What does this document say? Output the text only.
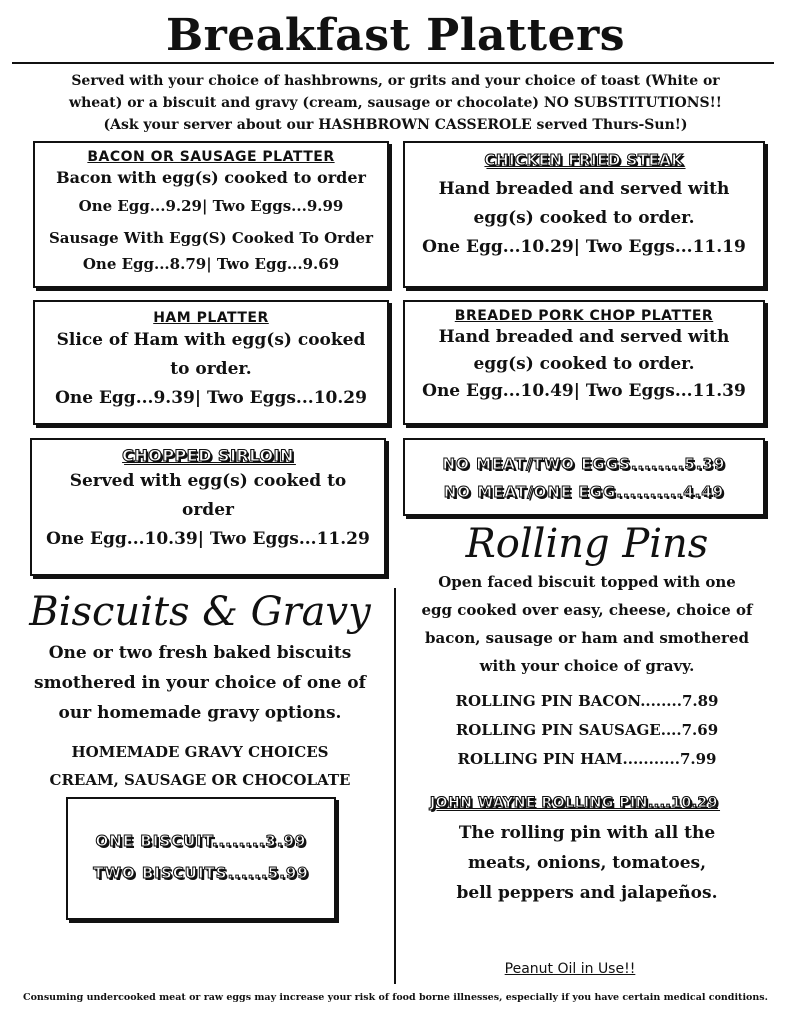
Breakfast Platters
Served with your choice of hashbrowns, or grits and your choice of toast (White or
wheat) or a biscuit and gravy (cream, sausage or chocolate) NO SUBSTITUTIONS!!
(Ask your server about our HASHBROWN CASSEROLE served Thurs-Sun!)
BACON OR SAUSAGE PLATTER
Bacon with egg(s) cooked to order
One Egg...9.29| Two Eggs...9.99
Sausage With Egg(S) Cooked To Order
One Egg...8.79| Two Egg...9.69
CHICKEN FRIED STEAK
Hand breaded and served with
egg(s) cooked to order.
One Egg...10.29| Two Eggs...11.19
HAM PLATTER
Slice of Ham with egg(s) cooked
to order.
One Egg...9.39| Two Eggs...10.29
BREADED PORK CHOP PLATTER
Hand breaded and served with
egg(s) cooked to order.
One Egg...10.49| Two Eggs...11.39
CHOPPED SIRLOIN
Served with egg(s) cooked to
order
One Egg...10.39| Two Eggs...11.29
NO MEAT/TWO EGGS........5.39
NO MEAT/ONE EGG..........4.49
Rolling Pins
Open faced biscuit topped with one
egg cooked over easy, cheese, choice of
bacon, sausage or ham and smothered
with your choice of gravy.
ROLLING PIN BACON........7.89
ROLLING PIN SAUSAGE....7.69
ROLLING PIN HAM...........7.99
JOHN WAYNE ROLLING PIN....10.29
The rolling pin with all the
meats, onions, tomatoes,
bell peppers and jalapeños.
Biscuits & Gravy
One or two fresh baked biscuits
smothered in your choice of one of
our homemade gravy options.
HOMEMADE GRAVY CHOICES
CREAM, SAUSAGE OR CHOCOLATE
ONE BISCUIT........3.99
TWO BISCUITS......5.99
Peanut Oil in Use!!
Consuming undercooked meat or raw eggs may increase your risk of food borne illnesses, especially if you have certain medical conditions.
